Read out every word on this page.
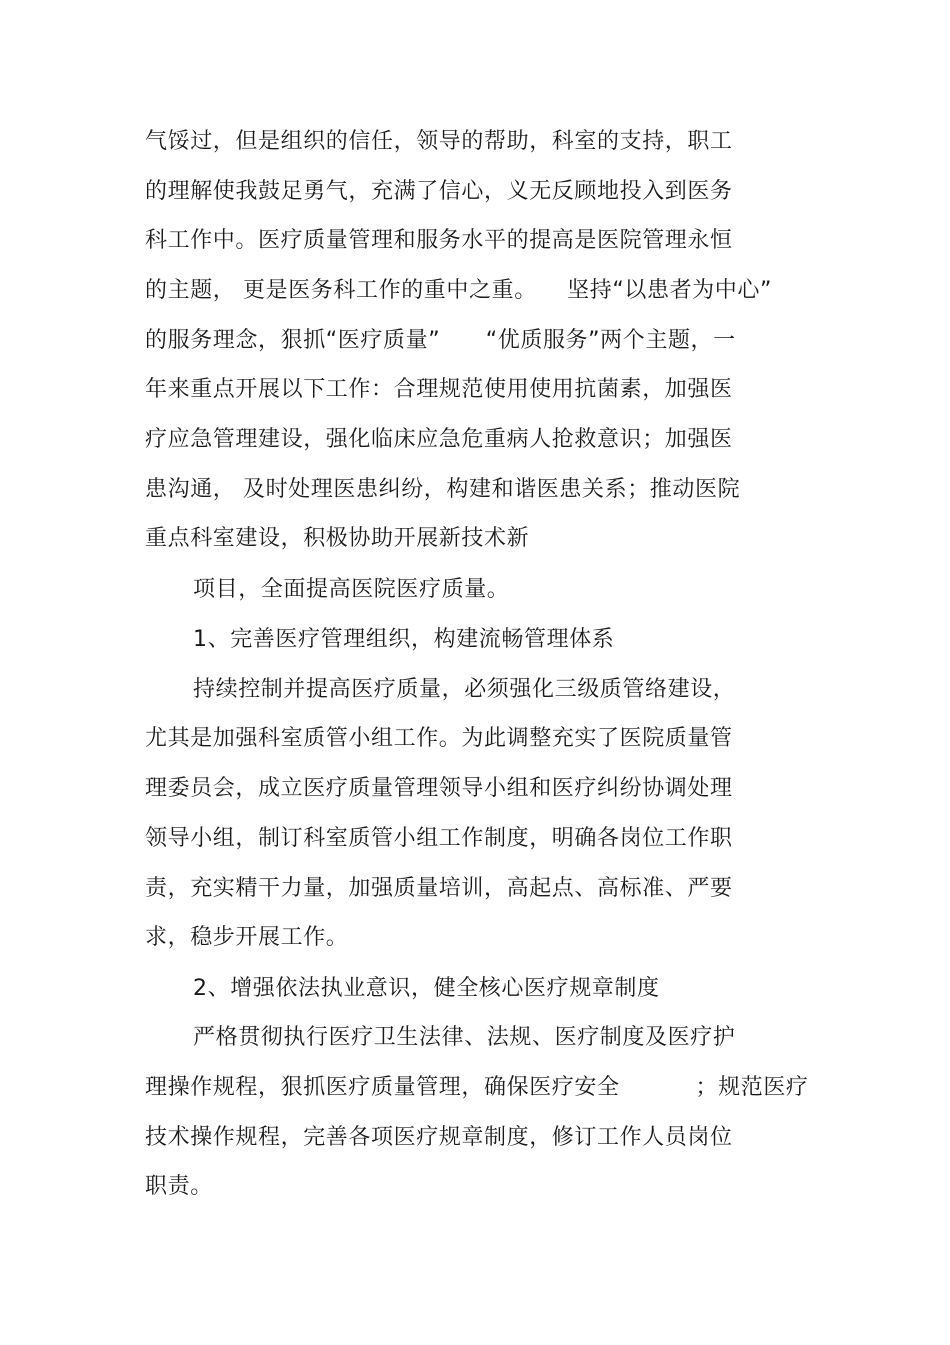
气馁过，但是组织的信任，领导的帮助，科室的支持，职工
的理解使我鼓足勇气，充满了信心，义无反顾地投入到医务
科工作中。医疗质量管理和服务水平的提高是医院管理永恒
的主题， 更是医务科工作的重中之重。    坚持“以患者为中心”
的服务理念，狠抓“医疗质量”      “优质服务”两个主题，一
年来重点开展以下工作：合理规范使用使用抗菌素，加强医
疗应急管理建设，强化临床应急危重病人抢救意识；加强医
患沟通， 及时处理医患纠纷，构建和谐医患关系；推动医院
重点科室建设，积极协助开展新技术新
项目，全面提高医院医疗质量。
1、完善医疗管理组织，构建流畅管理体系
持续控制并提高医疗质量，必须强化三级质管络建设，
尤其是加强科室质管小组工作。为此调整充实了医院质量管
理委员会，成立医疗质量管理领导小组和医疗纠纷协调处理
领导小组，制订科室质管小组工作制度，明确各岗位工作职
责，充实精干力量，加强质量培训，高起点、高标准、严要
求，稳步开展工作。
2、增强依法执业意识，健全核心医疗规章制度
严格贯彻执行医疗卫生法律、法规、医疗制度及医疗护
理操作规程，狠抓医疗质量管理，确保医疗安全          ；规范医疗
技术操作规程，完善各项医疗规章制度，修订工作人员岗位
职责。
